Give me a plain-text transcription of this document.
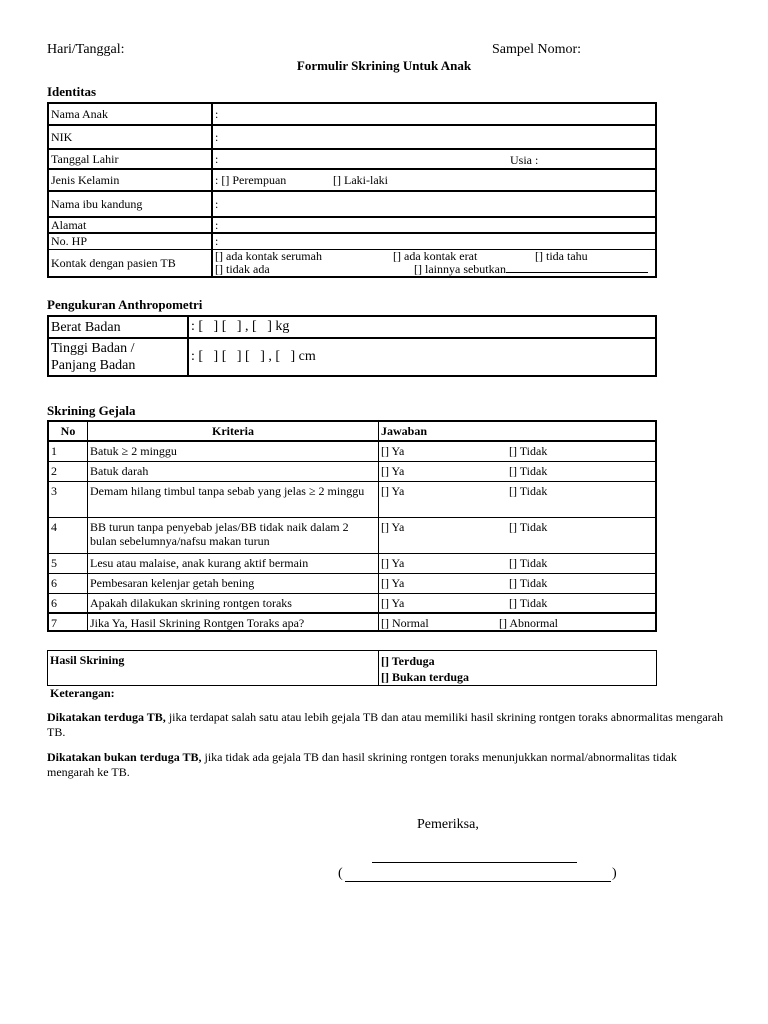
Hari/Tanggal:	Sampel Nomor:
Formulir Skrining Untuk Anak
Identitas
Nama Anak	:
NIK	:
Tanggal Lahir	: Usia :

Jenis Kelamin	: [] Perempuan [] Laki-laki
Nama ibu kandung	:
Alamat	:
No. HP	:
Kontak dengan pasien TB	[] ada kontak serumah [] ada kontak erat [] tida tahu
[] tidak ada [] lainnya sebutkan
Pengukuran Anthropometri
Berat Badan	: [   ] [   ] , [   ] kg

Tinggi Badan /
Panjang Badan	: [   ] [   ] [   ] , [   ] cm
Skrining Gejala
No	Kriteria	Jawaban
1	Batuk ≥ 2 minggu	[] Ya [] Tidak
2	Batuk darah	[] Ya [] Tidak
3	Demam hilang timbul tanpa sebab yang jelas ≥ 2 minggu	[] Ya [] Tidak
4	BB turun tanpa penyebab jelas/BB tidak naik dalam 2 bulan sebelumnya/nafsu makan turun	[] Ya [] Tidak
5	Lesu atau malaise, anak kurang aktif bermain	[] Ya [] Tidak
6	Pembesaran kelenjar getah bening	[] Ya [] Tidak
6	Apakah dilakukan skrining rontgen toraks	[] Ya [] Tidak
7	Jika Ya, Hasil Skrining Rontgen Toraks apa?	[] Normal [] Abnormal
Hasil Skrining	[] Terduga
[] Bukan terduga
Keterangan:
Dikatakan terduga TB, jika terdapat salah satu atau lebih gejala TB dan atau memiliki hasil skrining rontgen toraks abnormalitas mengarah TB.
Dikatakan bukan terduga TB, jika tidak ada gejala TB dan hasil skrining rontgen toraks menunjukkan normal/abnormalitas tidak mengarah ke TB.
Pemeriksa,
(	)
